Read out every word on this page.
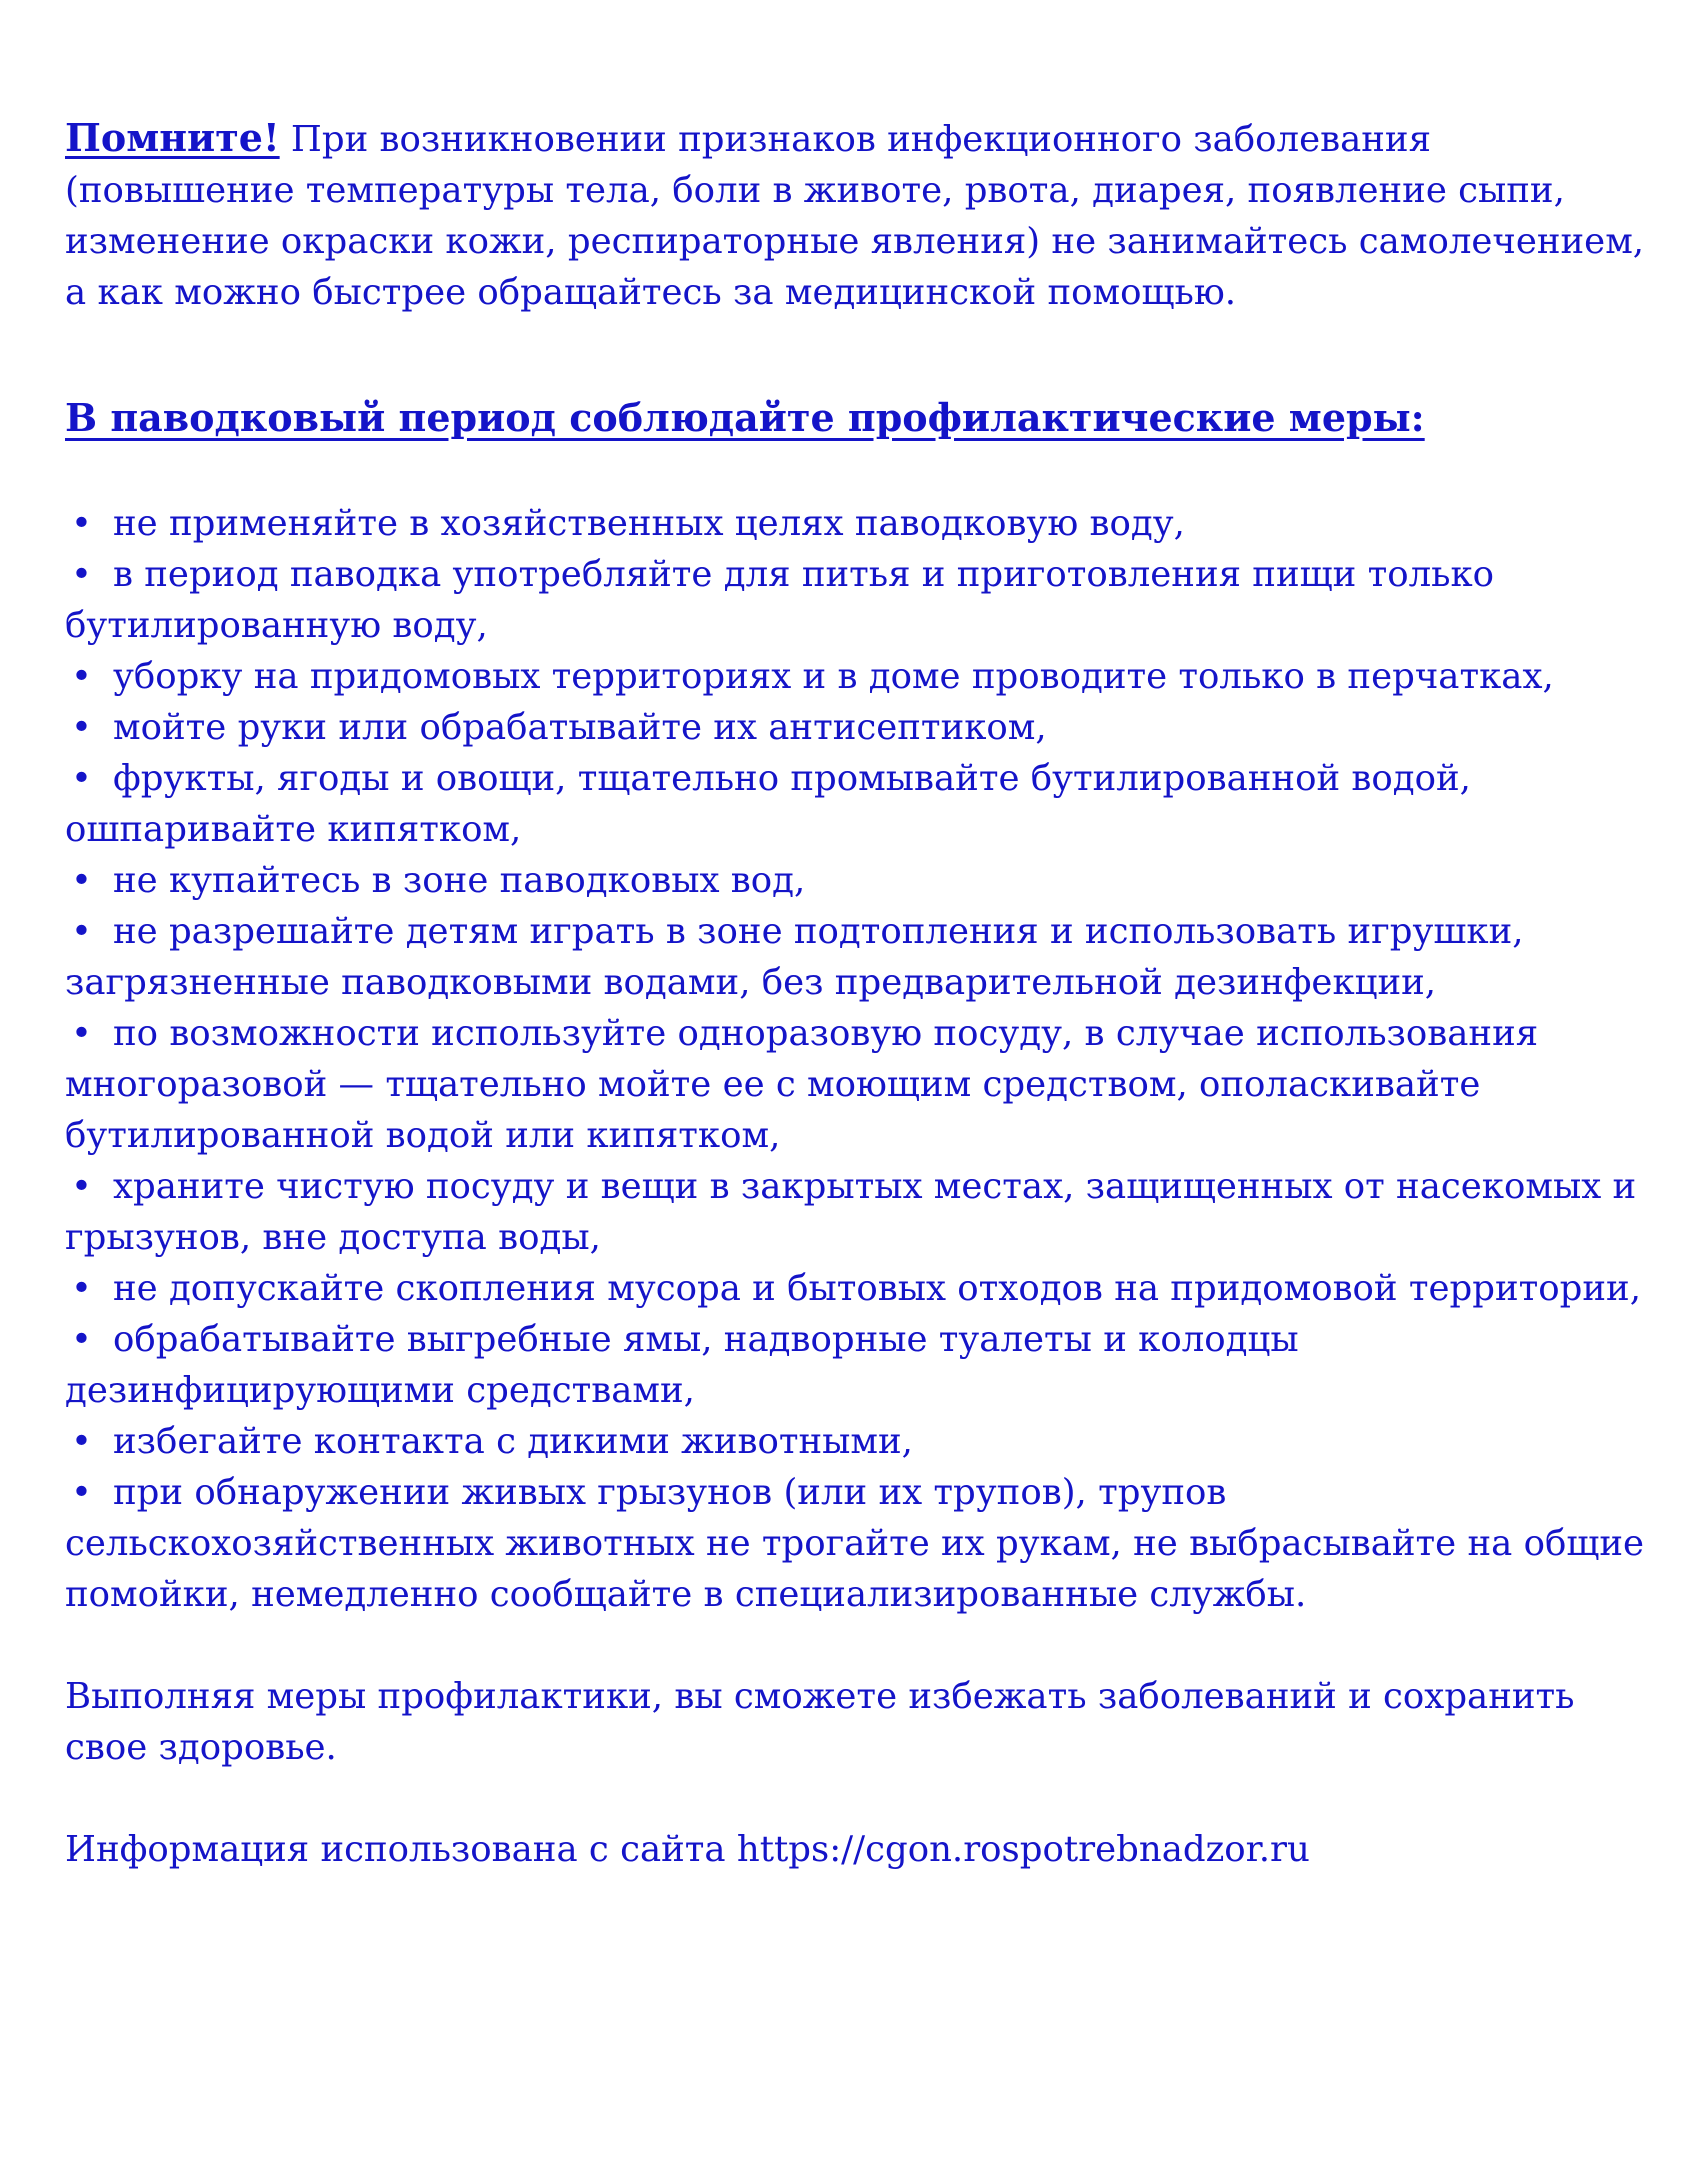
Помните! При возникновении признаков инфекционного заболевания (повышение температуры тела, боли в животе, рвота, диарея, появление сыпи, изменение окраски кожи, респираторные явления) не занимайтесь самолечением, а как можно быстрее обращайтесь за медицинской помощью.

В паводковый период соблюдайте профилактические меры:
• не применяйте в хозяйственных целях паводковую воду,
• в период паводка употребляйте для питья и приготовления пищи только бутилированную воду,
• уборку на придомовых территориях и в доме проводите только в перчатках,
• мойте руки или обрабатывайте их антисептиком,
• фрукты, ягоды и овощи, тщательно промывайте бутилированной водой, ошпаривайте кипятком,
• не купайтесь в зоне паводковых вод,
• не разрешайте детям играть в зоне подтопления и использовать игрушки, загрязненные паводковыми водами, без предварительной дезинфекции,
• по возможности используйте одноразовую посуду, в случае использования многоразовой — тщательно мойте ее с моющим средством, ополаскивайте бутилированной водой или кипятком,
• храните чистую посуду и вещи в закрытых местах, защищенных от насекомых и грызунов, вне доступа воды,
• не допускайте скопления мусора и бытовых отходов на придомовой территории,
• обрабатывайте выгребные ямы, надворные туалеты и колодцы дезинфицирующими средствами,
• избегайте контакта с дикими животными,
• при обнаружении живых грызунов (или их трупов), трупов сельскохозяйственных животных не трогайте их рукам, не выбрасывайте на общие помойки, немедленно сообщайте в специализированные службы.

Выполняя меры профилактики, вы сможете избежать заболеваний и сохранить свое здоровье.

Информация использована с сайта https://cgon.rospotrebnadzor.ru
